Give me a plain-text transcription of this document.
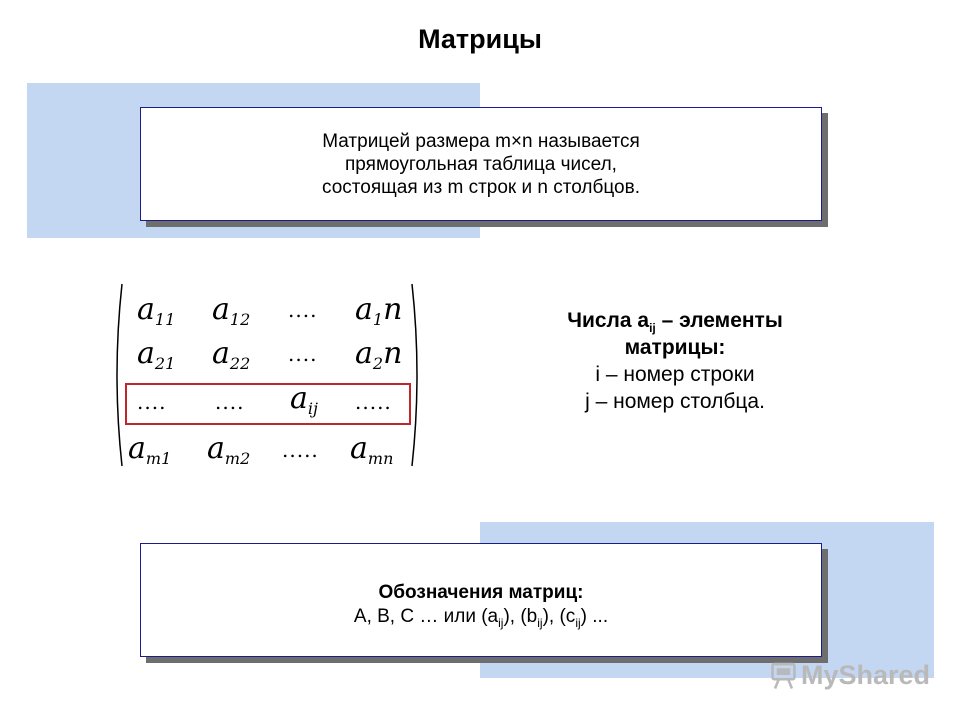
Матрицы
Матрицей размера m×n называется
прямоугольная таблица чисел,
состоящая из m строк и n столбцов.
$a_{11}$ $a_{12}$ .... $a_1n$
$a_{21}$ $a_{22}$ .... $a_2n$
.... .... $a_{ij}$ .....
$a_{m1}$ $a_{m2}$ ..... $a_{mn}$
Числа $a_{ij}$ – элементы
матрицы:
i – номер строки
j – номер столбца.
Обозначения матриц:
A, B, C … или $(a_{ij})$, $(b_{ij})$, $(c_{ij})$ ...
MyShared
